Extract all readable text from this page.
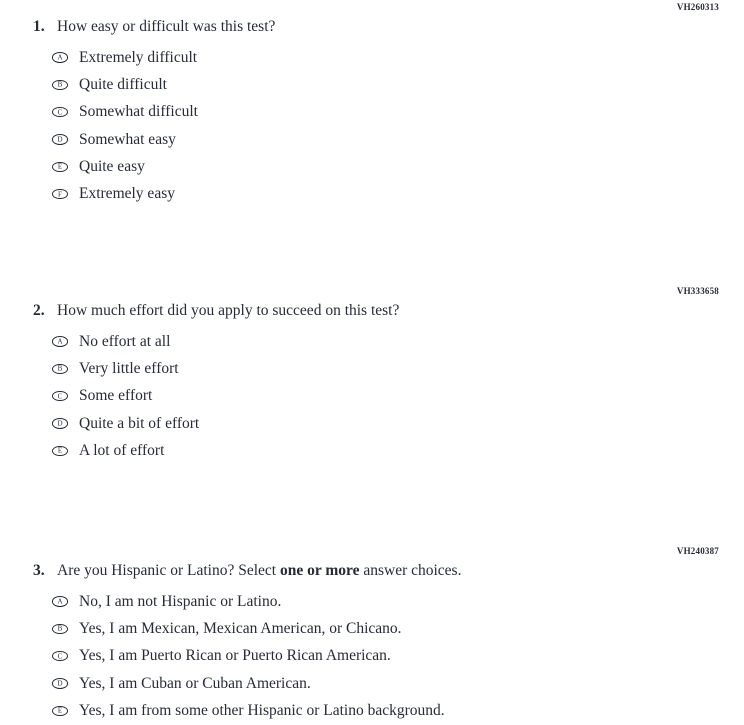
VH260313
1. How easy or difficult was this test?
A Extremely difficult
B Quite difficult
C Somewhat difficult
D Somewhat easy
E Quite easy
F Extremely easy
VH333658
2. How much effort did you apply to succeed on this test?
A No effort at all
B Very little effort
C Some effort
D Quite a bit of effort
E A lot of effort
VH240387
3. Are you Hispanic or Latino? Select one or more answer choices.
A No, I am not Hispanic or Latino.
B Yes, I am Mexican, Mexican American, or Chicano.
C Yes, I am Puerto Rican or Puerto Rican American.
D Yes, I am Cuban or Cuban American.
E Yes, I am from some other Hispanic or Latino background.
